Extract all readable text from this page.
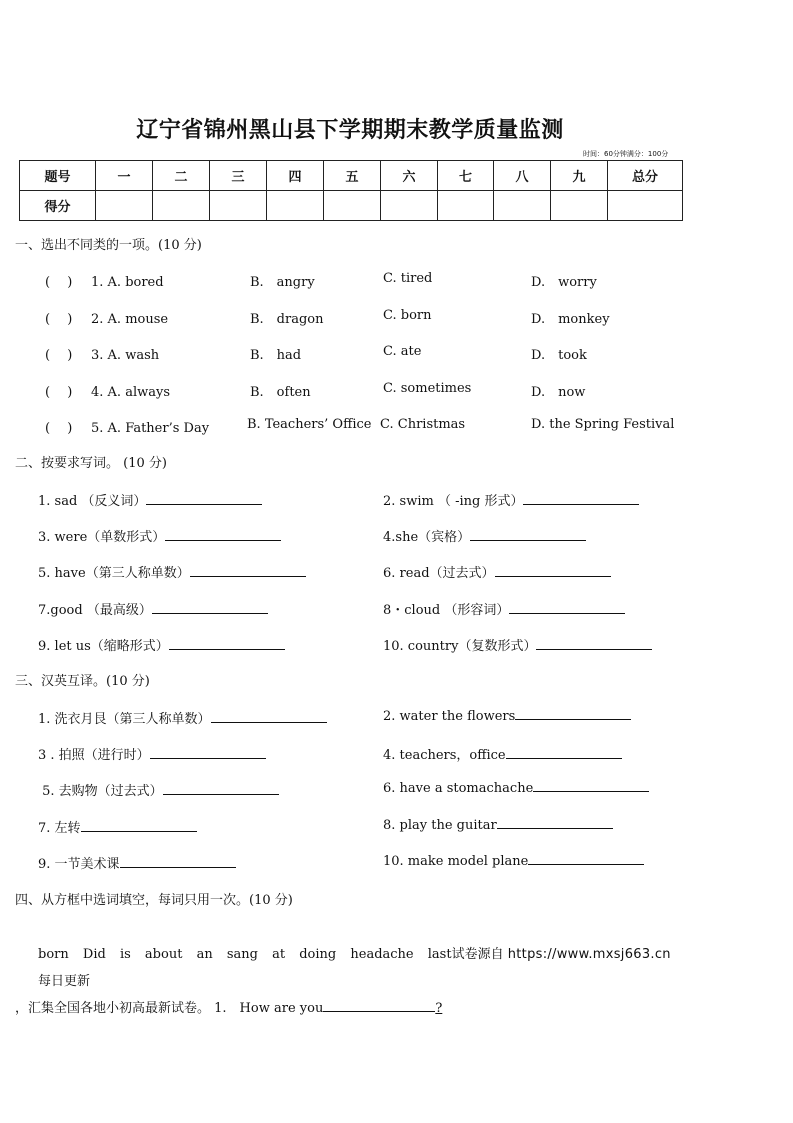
辽宁省锦州黑山县下学期期末教学质量监测
时间：60分钟满分：100分
题号	一	二	三	四	五	六	七	八	九	总分
得分										
一、选出不同类的一项。(10 分)
(　 ) 1. A. bored	B.　angry	C. tired	D.　worry
(　 ) 2. A. mouse	B.　dragon	C. born	D.　monkey
(　 ) 3. A. wash	B.　had	C. ate	D.　took
(　 ) 4. A. always	B.　often	C. sometimes	D.　now
(　 ) 5. A. Father’s Day	B. Teachers’ Office C. Christmas	D. the Spring Festival
二、按要求写词。 (10 分)
1. sad （反义词）	2. swim （ -ing 形式）
3. were（单数形式）	4.she（宾格）
5. have（第三人称单数）	6. read（过去式）
7.good （最高级）	8・cloud （形容词）
9. let us（缩略形式）	10. country（复数形式）
三、汉英互译。(10 分)
1. 洗衣月艮（第三人称单数）	2. water the flowers
3 . 拍照（进行时）	4. teachers，office
5. 去购物（过去式）	6. have a stomachache
7. 左转	8. play the guitar
9. 一节美术课	10. make model plane
四、从方框中选词填空，每词只用一次。(10 分)
born Did is about an sang at doing headache last试卷源自 https://www.mxsj663.cn 每日更新
，汇集全国各地小初高最新试卷。 1.　How are you	?
